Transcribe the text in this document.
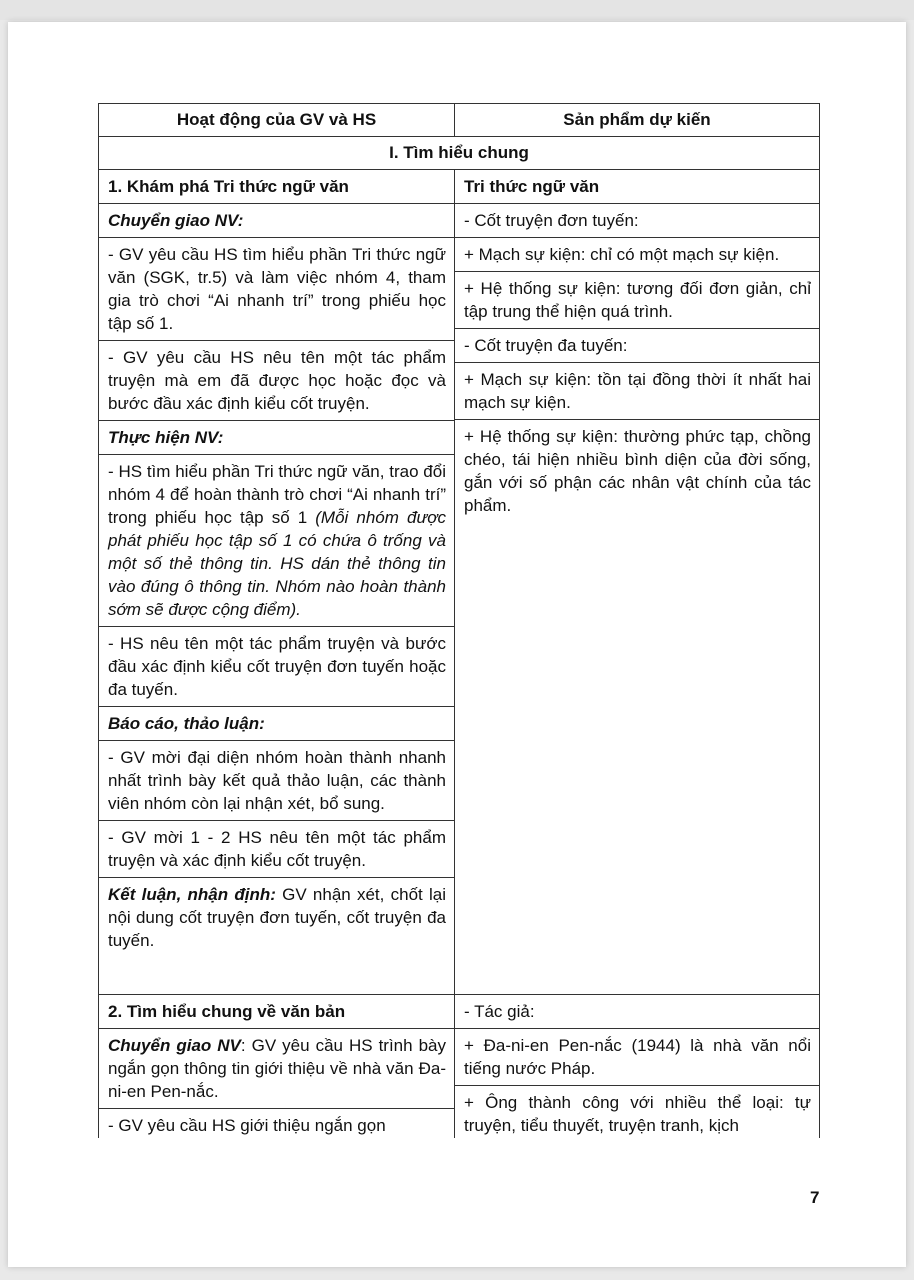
Hoạt động của GV và HS	Sản phẩm dự kiến
I. Tìm hiểu chung
1. Khám phá Tri thức ngữ văn
Chuyển giao NV:
- GV yêu cầu HS tìm hiểu phần Tri thức ngữ văn (SGK, tr.5) và làm việc nhóm 4, tham gia trò chơi “Ai nhanh trí” trong phiếu học tập số 1.
- GV yêu cầu HS nêu tên một tác phẩm truyện mà em đã được học hoặc đọc và bước đầu xác định kiểu cốt truyện.
Thực hiện NV:
- HS tìm hiểu phần Tri thức ngữ văn, trao đổi nhóm 4 để hoàn thành trò chơi “Ai nhanh trí” trong phiếu học tập số 1 (Mỗi nhóm được phát phiếu học tập số 1 có chứa ô trống và một số thẻ thông tin. HS dán thẻ thông tin vào đúng ô thông tin. Nhóm nào hoàn thành sớm sẽ được cộng điểm).
- HS nêu tên một tác phẩm truyện và bước đầu xác định kiểu cốt truyện đơn tuyến hoặc đa tuyến.
Báo cáo, thảo luận:
- GV mời đại diện nhóm hoàn thành nhanh nhất trình bày kết quả thảo luận, các thành viên nhóm còn lại nhận xét, bổ sung.
- GV mời 1 - 2 HS nêu tên một tác phẩm truyện và xác định kiểu cốt truyện.
Kết luận, nhận định: GV nhận xét, chốt lại nội dung cốt truyện đơn tuyến, cốt truyện đa tuyến.
Tri thức ngữ văn
- Cốt truyện đơn tuyến:
+ Mạch sự kiện: chỉ có một mạch sự kiện.
+ Hệ thống sự kiện: tương đối đơn giản, chỉ tập trung thể hiện quá trình.
- Cốt truyện đa tuyến:
+ Mạch sự kiện: tồn tại đồng thời ít nhất hai mạch sự kiện.
+ Hệ thống sự kiện: thường phức tạp, chồng chéo, tái hiện nhiều bình diện của đời sống, gắn với số phận các nhân vật chính của tác phẩm.
2. Tìm hiểu chung về văn bản
Chuyển giao NV: GV yêu cầu HS trình bày ngắn gọn thông tin giới thiệu về nhà văn Đa-ni-en Pen-nắc.
- GV yêu cầu HS giới thiệu ngắn gọn
- Tác giả:
+ Đa-ni-en Pen-nắc (1944) là nhà văn nổi tiếng nước Pháp.
+ Ông thành công với nhiều thể loại: tự truyện, tiểu thuyết, truyện tranh, kịch
7
